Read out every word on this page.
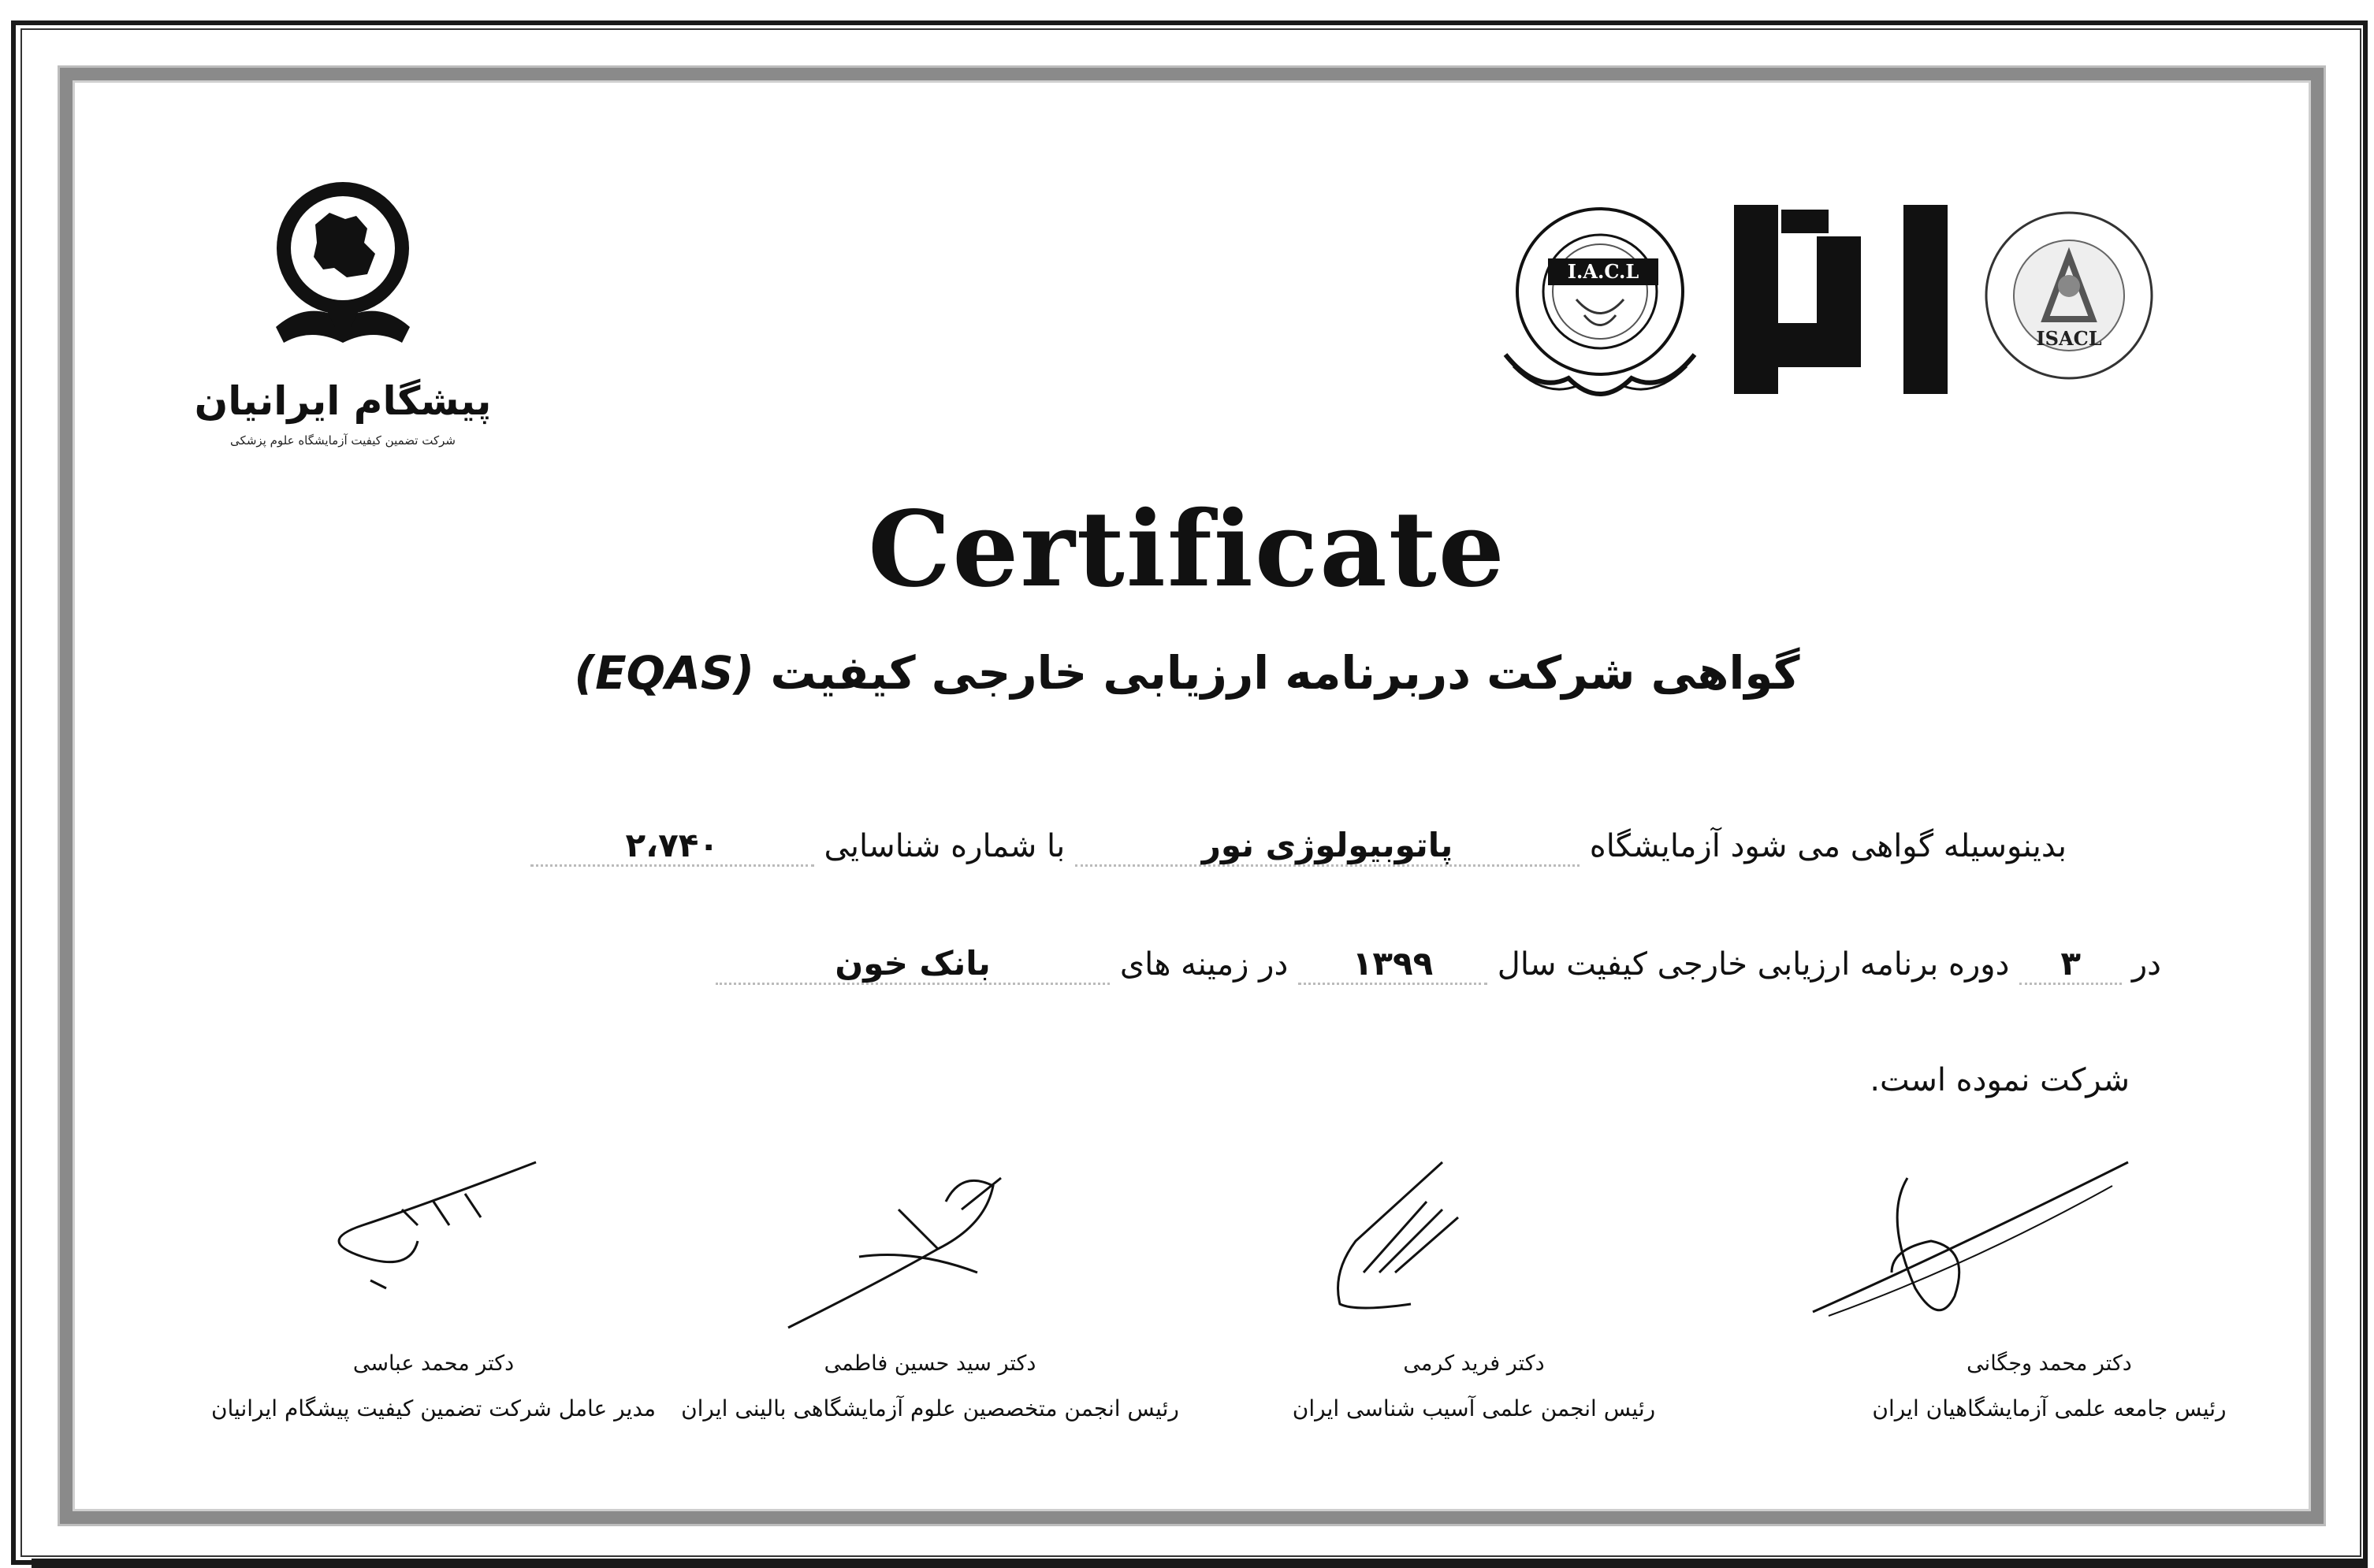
پیشگام ایرانیان
شرکت تضمین کیفیت آزمایشگاه علوم پزشکی
I.A.C.L
ISACL
Certificate
گواهی شرکت دربرنامه ارزیابی خارجی کیفیت (EQAS)
بدینوسیله گواهی می شود آزمایشگاه پاتوبیولوژی نور با شماره شناسایی ۲،۷۴۰
در ۳ دوره برنامه ارزیابی خارجی کیفیت سال ۱۳۹۹ در زمینه های بانک خون
شرکت نموده است.
دکتر محمد وجگانی
رئیس جامعه علمی آزمایشگاهیان ایران
دکتر فرید کرمی
رئیس انجمن علمی آسیب شناسی ایران
دکتر سید حسین فاطمی
رئیس انجمن متخصصین علوم آزمایشگاهی بالینی ایران
دکتر محمد عباسی
مدیر عامل شرکت تضمین کیفیت پیشگام ایرانیان
